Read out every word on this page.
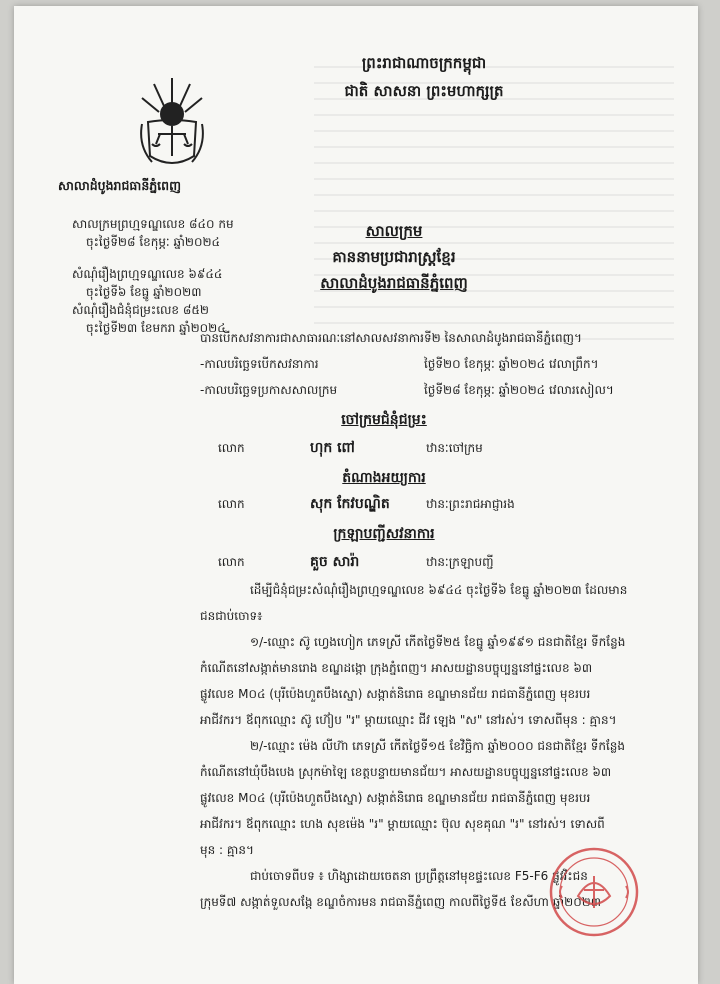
ព្រះរាជាណាចក្រកម្ពុជា
ជាតិ សាសនា ព្រះមហាក្សត្រ
សាលាដំបូងរាជធានីភ្នំពេញ
សាលក្រមព្រហ្មទណ្ឌលេខ ៨៤០ កម
ចុះថ្ងៃទី២៨ ខែកុម្ភៈ ឆ្នាំ២០២៤
សំណុំរឿងព្រហ្មទណ្ឌលេខ ៦៩៤៤
ចុះថ្ងៃទី៦ ខែធ្នូ ឆ្នាំ២០២៣
សំណុំរឿងជំនុំជម្រះលេខ ៨៥២
ចុះថ្ងៃទី២៣ ខែមករា ឆ្នាំ២០២៤
សាលក្រម
គាននាមប្រជារាស្ត្រខ្មែរ
សាលាដំបូងរាជធានីភ្នំពេញ
បានបើកសវនាការជាសាធារណៈនៅសាលសវនាការទី២ នៃសាលាដំបូងរាជធានីភ្នំពេញ។
-កាលបរិច្ឆេទបើកសវនាការ	ថ្ងៃទី២០ ខែកុម្ភៈ ឆ្នាំ២០២៤ វេលាព្រឹក។
-កាលបរិច្ឆេទប្រកាសសាលក្រម	ថ្ងៃទី២៨ ខែកុម្ភៈ ឆ្នាំ២០២៤ វេលារសៀល។
ចៅក្រមជំនុំជម្រះ
លោក	ហុក ពៅ	ឋានៈចៅក្រម
តំណាងអយ្យការ
លោក	សុក កែវបណ្ឌិត	ឋានៈព្រះរាជអាជ្ញារង
ក្រឡាបញ្ជីសវនាការ
លោក	គួច សារ៉ា	ឋានៈក្រឡាបញ្ជី
ដើម្បីជំនុំជម្រះសំណុំរឿងព្រហ្មទណ្ឌលេខ ៦៩៤៤ ចុះថ្ងៃទី៦ ខែធ្នូ ឆ្នាំ២០២៣ ដែលមាន
ជនជាប់ចោទ៖
១/-ឈ្មោះ ស៊ូ ហ្វេងហៀក ភេទស្រី កើតថ្ងៃទី២៥ ខែធ្នូ ឆ្នាំ១៩៩១ ជនជាតិខ្មែរ ទីកន្លែង
កំណើតនៅសង្កាត់មានរោង ខណ្ឌដង្កោ ក្រុងភ្នំពេញ។ អាសយដ្ឋានបច្ចុប្បន្ននៅផ្ទះលេខ ៦៣
ផ្លូវលេខ M០៤ (បុរីប៉េងហួតបឹងស្នោ) សង្កាត់និរោធ ខណ្ឌមានជ័យ រាជធានីភ្នំពេញ មុខរបរ
អាជីវករ។ ឪពុកឈ្មោះ ស៊ូ ហ៊ៀប "រ" ម្តាយឈ្មោះ ជីវ ឡេង "ស" នៅរស់។ ទោសពីមុន : គ្មាន។
២/-ឈ្មោះ ម៉េង លីហ៊ា ភេទស្រី កើតថ្ងៃទី១៥ ខែវិច្ឆិកា ឆ្នាំ២០០០ ជនជាតិខ្មែរ ទីកន្លែង
កំណើតនៅឃុំបឹងបេង ស្រុកម៉ាឡៃ ខេត្តបន្ទាយមានជ័យ។ អាសយដ្ឋានបច្ចុប្បន្ននៅផ្ទះលេខ ៦៣
ផ្លូវលេខ M០៤ (បុរីប៉េងហួតបឹងស្នោ) សង្កាត់និរោធ ខណ្ឌមានជ័យ រាជធានីភ្នំពេញ មុខរបរ
អាជីវករ។ ឪពុកឈ្មោះ ហេង សុខម៉េង "រ" ម្តាយឈ្មោះ ប៊ុល សុខគុណ "រ" នៅរស់។ ទោសពី
មុន : គ្មាន។
ជាប់ចោទពីបទ ៖ ហិង្សាដោយចេតនា ប្រព្រឹត្តនៅមុខផ្ទះលេខ F5-F6 ផ្លូវវិះជន
ក្រុមទី៧ សង្កាត់ទួលសង្កែ ខណ្ឌចំការមន រាជធានីភ្នំពេញ កាលពីថ្ងៃទី៥ ខែសីហា ឆ្នាំ២០២៣
